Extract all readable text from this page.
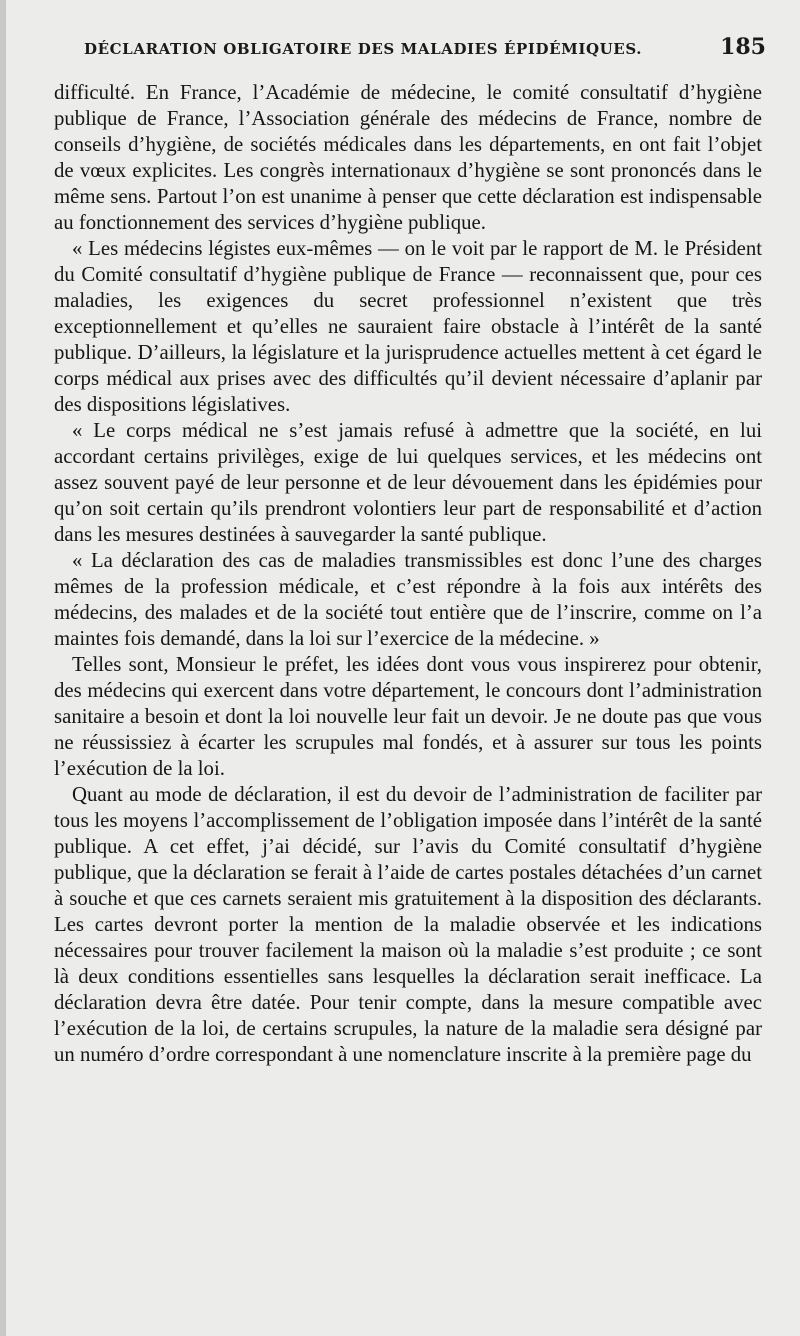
DÉCLARATION OBLIGATOIRE DES MALADIES ÉPIDÉMIQUES.	185

difficulté. En France, l’Académie de médecine, le comité consultatif d’hygiène publique de France, l’Association générale des médecins de France, nombre de conseils d’hygiène, de sociétés médicales dans les départements, en ont fait l’objet de vœux explicites. Les congrès internationaux d’hygiène se sont prononcés dans le même sens. Partout l’on est unanime à penser que cette déclaration est indispensable au fonctionnement des services d’hygiène publique.

« Les médecins légistes eux-mêmes — on le voit par le rapport de M. le Président du Comité consultatif d’hygiène publique de France — reconnaissent que, pour ces maladies, les exigences du secret professionnel n’existent que très exceptionnellement et qu’elles ne sauraient faire obstacle à l’intérêt de la santé publique. D’ailleurs, la législature et la jurisprudence actuelles mettent à cet égard le corps médical aux prises avec des difficultés qu’il devient nécessaire d’aplanir par des dispositions législatives.

« Le corps médical ne s’est jamais refusé à admettre que la société, en lui accordant certains privilèges, exige de lui quelques services, et les médecins ont assez souvent payé de leur personne et de leur dévouement dans les épidémies pour qu’on soit certain qu’ils prendront volontiers leur part de responsabilité et d’action dans les mesures destinées à sauvegarder la santé publique.

« La déclaration des cas de maladies transmissibles est donc l’une des charges mêmes de la profession médicale, et c’est répondre à la fois aux intérêts des médecins, des malades et de la société tout entière que de l’inscrire, comme on l’a maintes fois demandé, dans la loi sur l’exercice de la médecine. »

Telles sont, Monsieur le préfet, les idées dont vous vous inspirerez pour obtenir, des médecins qui exercent dans votre département, le concours dont l’administration sanitaire a besoin et dont la loi nouvelle leur fait un devoir. Je ne doute pas que vous ne réussissiez à écarter les scrupules mal fondés, et à assurer sur tous les points l’exécution de la loi.

Quant au mode de déclaration, il est du devoir de l’administration de faciliter par tous les moyens l’accomplissement de l’obligation imposée dans l’intérêt de la santé publique. A cet effet, j’ai décidé, sur l’avis du Comité consultatif d’hygiène publique, que la déclaration se ferait à l’aide de cartes postales détachées d’un carnet à souche et que ces carnets seraient mis gratuitement à la disposition des déclarants. Les cartes devront porter la mention de la maladie observée et les indications nécessaires pour trouver facilement la maison où la maladie s’est produite ; ce sont là deux conditions essentielles sans lesquelles la déclaration serait inefficace. La déclaration devra être datée. Pour tenir compte, dans la mesure compatible avec l’exécution de la loi, de certains scrupules, la nature de la maladie sera désigné par un numéro d’ordre correspondant à une nomenclature inscrite à la première page du
